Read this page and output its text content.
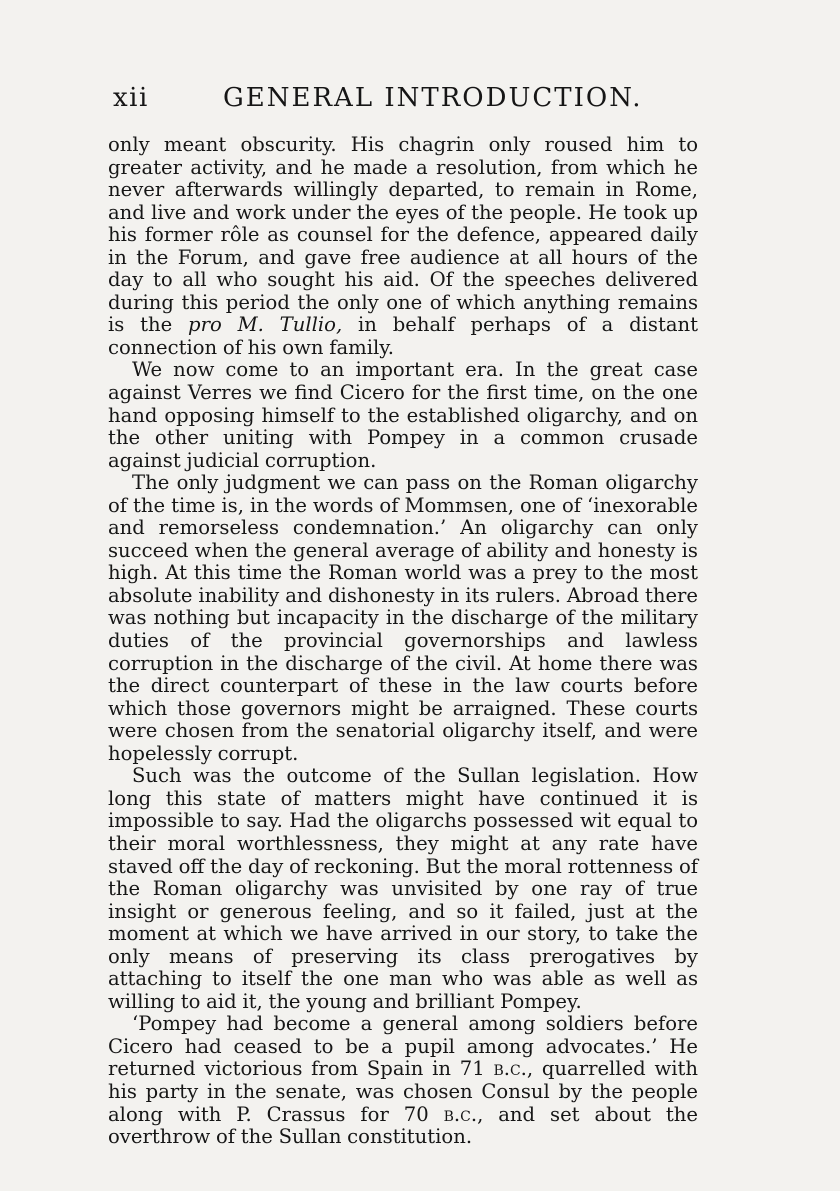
xii	GENERAL INTRODUCTION.

only meant obscurity. His chagrin only roused him to greater activity, and he made a resolution, from which he never afterwards willingly departed, to remain in Rome, and live and work under the eyes of the people. He took up his former rôle as counsel for the defence, appeared daily in the Forum, and gave free audience at all hours of the day to all who sought his aid. Of the speeches delivered during this period the only one of which anything remains is the pro M. Tullio, in behalf perhaps of a distant connection of his own family.

We now come to an important era. In the great case against Verres we find Cicero for the first time, on the one hand opposing himself to the established oligarchy, and on the other uniting with Pompey in a common crusade against judicial corruption.

The only judgment we can pass on the Roman oligarchy of the time is, in the words of Mommsen, one of ‘inexorable and remorseless condemnation.’ An oligarchy can only succeed when the general average of ability and honesty is high. At this time the Roman world was a prey to the most absolute inability and dishonesty in its rulers. Abroad there was nothing but incapacity in the discharge of the military duties of the provincial governorships and lawless corruption in the discharge of the civil. At home there was the direct counterpart of these in the law courts before which those governors might be arraigned. These courts were chosen from the senatorial oligarchy itself, and were hopelessly corrupt.

Such was the outcome of the Sullan legislation. How long this state of matters might have continued it is impossible to say. Had the oligarchs possessed wit equal to their moral worthlessness, they might at any rate have staved off the day of reckoning. But the moral rottenness of the Roman oligarchy was unvisited by one ray of true insight or generous feeling, and so it failed, just at the moment at which we have arrived in our story, to take the only means of preserving its class prerogatives by attaching to itself the one man who was able as well as willing to aid it, the young and brilliant Pompey.

‘Pompey had become a general among soldiers before Cicero had ceased to be a pupil among advocates.’ He returned victorious from Spain in 71 b.c., quarrelled with his party in the senate, was chosen Consul by the people along with P. Crassus for 70 b.c., and set about the overthrow of the Sullan constitution.
